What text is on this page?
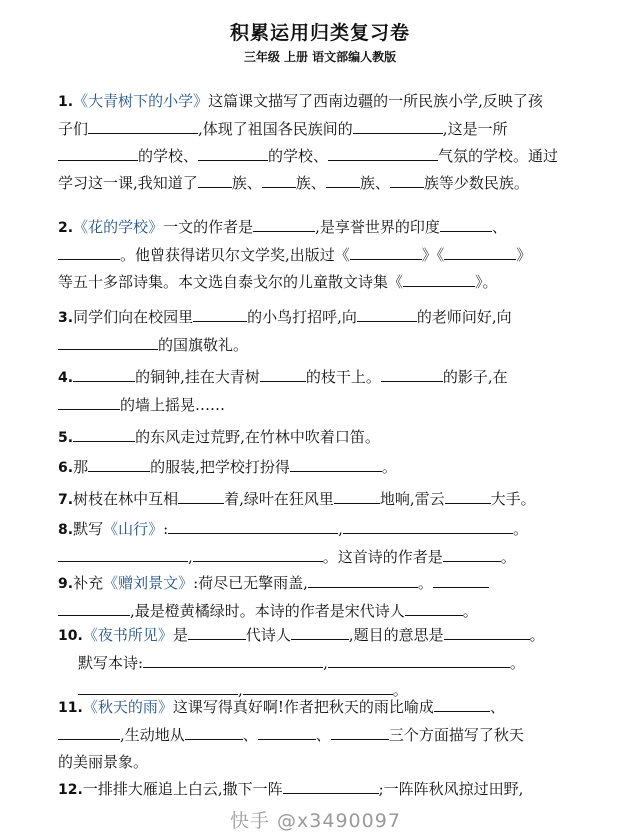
积累运用归类复习卷
三年级 上册 语文部编人教版
1.《大青树下的小学》这篇课文描写了西南边疆的一所民族小学,反映了孩
子们	,体现了祖国各民族间的	,这是一所
的学校、	的学校、	气氛的学校。通过
学习这一课,我知道了 族、 族、 族、 族等少数民族。
2.《花的学校》一文的作者是	,是享誉世界的印度	、
。他曾获得诺贝尔文学奖,出版过《	》《	》
等五十多部诗集。本文选自泰戈尔的儿童散文诗集《	》。
3.同学们向在校园里	的小鸟打招呼,向	的老师问好,向
的国旗敬礼。
4.	的铜钟,挂在大青树	的枝干上。	的影子,在
的墙上摇晃……
5.	的东风走过荒野,在竹林中吹着口笛。
6.那	的服装,把学校打扮得	。
7.树枝在林中互相	着,绿叶在狂风里	地响,雷云	大手。
8.默写《山行》:	,	。
,	。这首诗的作者是	。
9.补充《赠刘景文》:荷尽已无擎雨盖,	。
,最是橙黄橘绿时。本诗的作者是宋代诗人	。
10.《夜书所见》是	代诗人	,题目的意思是	。
默写本诗:	,	。
,	。
11.《秋天的雨》这课写得真好啊!作者把秋天的雨比喻成	、
,生动地从	、	、	三个方面描写了秋天
的美丽景象。
12.一排排大雁追上白云,撒下一阵	;一阵阵秋风掠过田野,
快手 @x3490097
